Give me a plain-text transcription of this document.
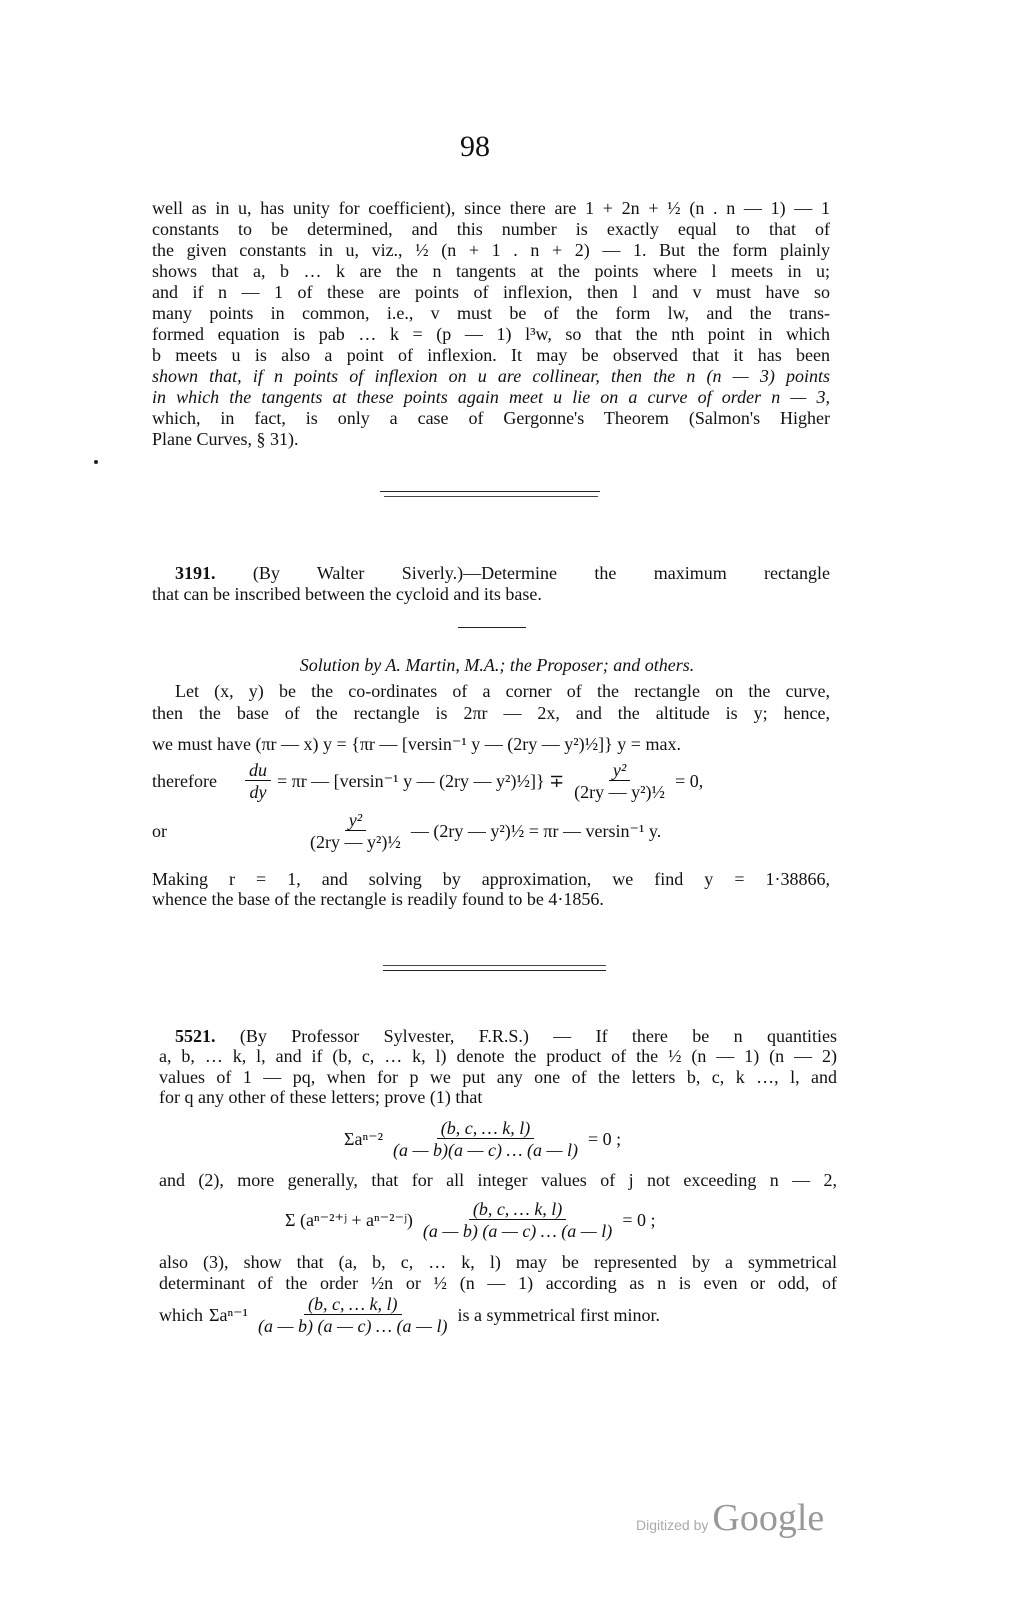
98
well as in u, has unity for coefficient), since there are 1 + 2n + ½ (n . n — 1) — 1
constants to be determined, and this number is exactly equal to that of
the given constants in u, viz., ½ (n + 1 . n + 2) — 1. But the form plainly
shows that a, b … k are the n tangents at the points where l meets in u;
and if n — 1 of these are points of inflexion, then l and v must have so
many points in common, i.e., v must be of the form lw, and the trans-
formed equation is pab … k = (p — 1) l³w, so that the nth point in which
b meets u is also a point of inflexion. It may be observed that it has been
shown that, if n points of inflexion on u are collinear, then the n (n — 3) points
in which the tangents at these points again meet u lie on a curve of order n — 3,
which, in fact, is only a case of Gergonne's Theorem (Salmon's Higher
Plane Curves, § 31).
3191. (By Walter Siverly.)—Determine the maximum rectangle
that can be inscribed between the cycloid and its base.
Solution by A. Martin, M.A.; the Proposer; and others.
Let (x, y) be the co-ordinates of a corner of the rectangle on the curve,
then the base of the rectangle is 2πr — 2x, and the altitude is y; hence,
we must have (πr — x) y = {πr — [versin⁻¹ y — (2ry — y²)½]} y = max.
therefore $\frac{du}{dy} = \pi r$ — [versin⁻¹ y — (2ry — y²)½]} ∓ $\frac{\text{y²}}{\text{(2ry — y²)½}} = 0$,
or	$\frac{\text{y²}}{\text{(2ry — y²)½}}$ — (2ry — y²)½ = πr — versin⁻¹ y.
Making r = 1, and solving by approximation, we find y = 1·38866,
whence the base of the rectangle is readily found to be 4·1856.
5521. (By Professor Sylvester, F.R.S.) — If there be n quantities
a, b, … k, l, and if (b, c, … k, l) denote the product of the ½ (n — 1) (n — 2)
values of 1 — pq, when for p we put any one of the letters b, c, k …, l, and
for q any other of these letters; prove (1) that
$\Sigma a^{n-2} \frac{(b, c, \dots k, l)}{(a — b)(a — c) \dots (a — l)} = 0$ ;
and (2), more generally, that for all integer values of j not exceeding n — 2,
Σ (aⁿ⁻²⁺ʲ + aⁿ⁻²⁻ʲ) $\frac{(b, c, \dots k, l)}{(a — b) (a — c) \dots (a — l)} = 0$ ;
also (3), show that (a, b, c, … k, l) may be represented by a symmetrical
determinant of the order ½n or ½ (n — 1) according as n is even or odd, of
which $\Sigma a^{n-1} \frac{(b, c, \dots k, l)}{(a — b) (a — c) \dots (a — l)}$ is a symmetrical first minor.
Digitized by Google
